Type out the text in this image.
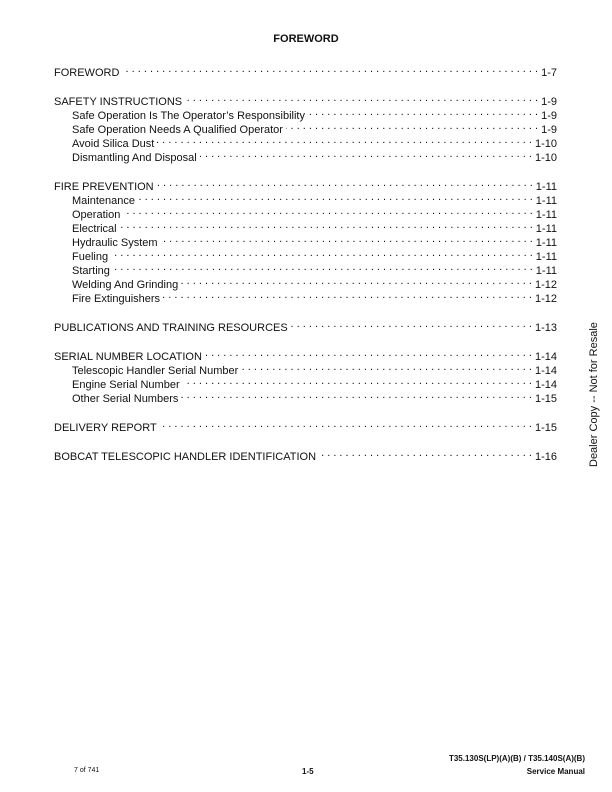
FOREWORD
FOREWORD . . .	1-7
SAFETY INSTRUCTIONS . . .	1-9
Safe Operation Is The Operator’s Responsibility . . .	1-9
Safe Operation Needs A Qualified Operator . . .	1-9
Avoid Silica Dust . . .	1-10
Dismantling And Disposal . . .	1-10
FIRE PREVENTION . . .	1-11
Maintenance . . .	1-11
Operation . . .	1-11
Electrical . . .	1-11
Hydraulic System . . .	1-11
Fueling . . .	1-11
Starting . . .	1-11
Welding And Grinding . . .	1-12
Fire Extinguishers . . .	1-12
PUBLICATIONS AND TRAINING RESOURCES . . .	1-13
SERIAL NUMBER LOCATION . . .	1-14
Telescopic Handler Serial Number . . .	1-14
Engine Serial Number . . .	1-14
Other Serial Numbers . . .	1-15
DELIVERY REPORT . . .	1-15
BOBCAT TELESCOPIC HANDLER IDENTIFICATION . . .	1-16	Dealer Copy -- Not for Resale
T35.130S(LP)(A)(B) / T35.140S(A)(B)
Service Manual
7 of 741	1-5
